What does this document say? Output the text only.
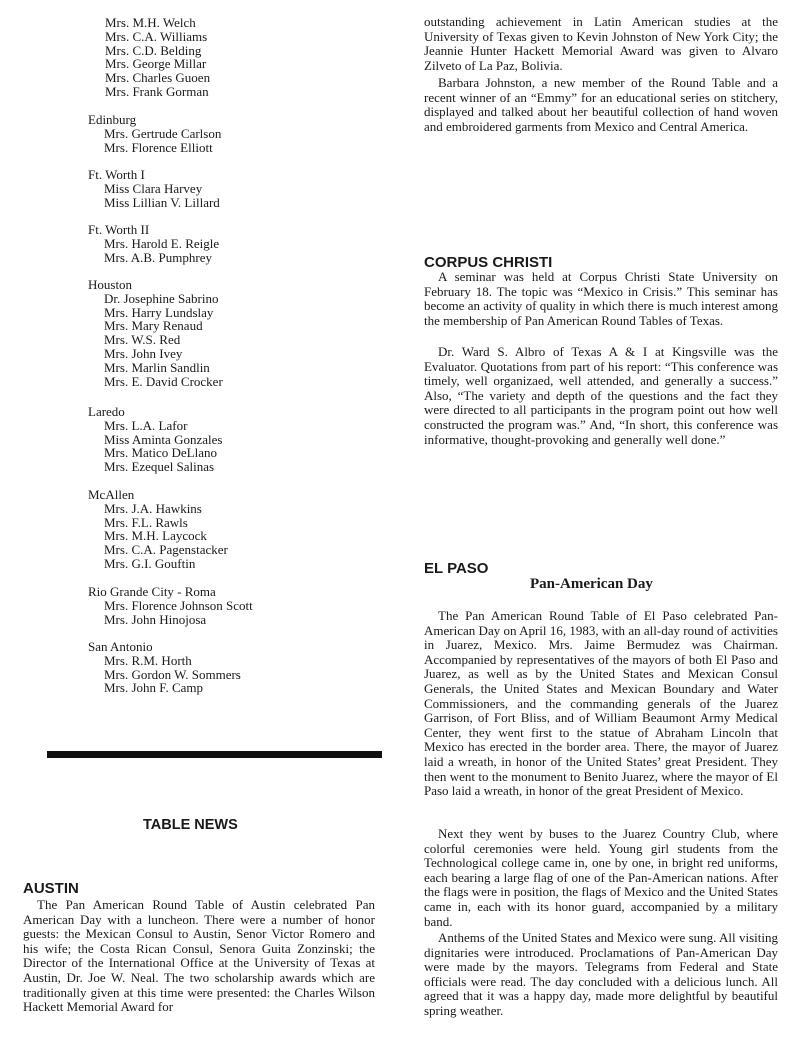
Mrs. M.H. Welch
Mrs. C.A. Williams
Mrs. C.D. Belding
Mrs. George Millar
Mrs. Charles Guoen
Mrs. Frank Gorman
Edinburg
Mrs. Gertrude Carlson
Mrs. Florence Elliott
Ft. Worth I
Miss Clara Harvey
Miss Lillian V. Lillard
Ft. Worth II
Mrs. Harold E. Reigle
Mrs. A.B. Pumphrey
Houston
Dr. Josephine Sabrino
Mrs. Harry Lundslay
Mrs. Mary Renaud
Mrs. W.S. Red
Mrs. John Ivey
Mrs. Marlin Sandlin
Mrs. E. David Crocker
Laredo
Mrs. L.A. Lafor
Miss Aminta Gonzales
Mrs. Matico DeLlano
Mrs. Ezequel Salinas
McAllen
Mrs. J.A. Hawkins
Mrs. F.L. Rawls
Mrs. M.H. Laycock
Mrs. C.A. Pagenstacker
Mrs. G.I. Gouftin
Rio Grande City - Roma
Mrs. Florence Johnson Scott
Mrs. John Hinojosa
San Antonio
Mrs. R.M. Horth
Mrs. Gordon W. Sommers
Mrs. John F. Camp
TABLE NEWS
AUSTIN

The Pan American Round Table of Austin celebrated Pan American Day with a luncheon. There were a number of honor guests: the Mexican Consul to Austin, Senor Victor Romero and his wife; the Costa Rican Consul, Senora Guita Zonzinski; the Director of the International Office at the University of Texas at Austin, Dr. Joe W. Neal. The two scholarship awards which are traditionally given at this time were presented: the Charles Wilson Hackett Memorial Award for

outstanding achievement in Latin American studies at the University of Texas given to Kevin Johnston of New York City; the Jeannie Hunter Hackett Memorial Award was given to Alvaro Zilveto of La Paz, Bolivia.

Barbara Johnston, a new member of the Round Table and a recent winner of an “Emmy” for an educational series on stitchery, displayed and talked about her beautiful collection of hand woven and embroidered garments from Mexico and Central America.

CORPUS CHRISTI

A seminar was held at Corpus Christi State University on February 18. The topic was “Mexico in Crisis.” This seminar has become an activity of quality in which there is much interest among the membership of Pan American Round Tables of Texas.

Dr. Ward S. Albro of Texas A & I at Kingsville was the Evaluator. Quotations from part of his report: “This conference was timely, well organizaed, well attended, and generally a success.” Also, “The variety and depth of the questions and the fact they were directed to all participants in the program point out how well constructed the program was.” And, “In short, this conference was informative, thought-provoking and generally well done.”

EL PASO
Pan-American Day

The Pan American Round Table of El Paso celebrated Pan-American Day on April 16, 1983, with an all-day round of activities in Juarez, Mexico. Mrs. Jaime Bermudez was Chairman. Accompanied by representatives of the mayors of both El Paso and Juarez, as well as by the United States and Mexican Consul Generals, the United States and Mexican Boundary and Water Commissioners, and the commanding generals of the Juarez Garrison, of Fort Bliss, and of William Beaumont Army Medical Center, they went first to the statue of Abraham Lincoln that Mexico has erected in the border area. There, the mayor of Juarez laid a wreath, in honor of the United States’ great President. They then went to the monument to Benito Juarez, where the mayor of El Paso laid a wreath, in honor of the great President of Mexico.

Next they went by buses to the Juarez Country Club, where colorful ceremonies were held. Young girl students from the Technological college came in, one by one, in bright red uniforms, each bearing a large flag of one of the Pan-American nations. After the flags were in position, the flags of Mexico and the United States came in, each with its honor guard, accompanied by a military band.

Anthems of the United States and Mexico were sung. All visiting dignitaries were introduced. Proclamations of Pan-American Day were made by the mayors. Telegrams from Federal and State officials were read. The day concluded with a delicious lunch. All agreed that it was a happy day, made more delightful by beautiful spring weather.
